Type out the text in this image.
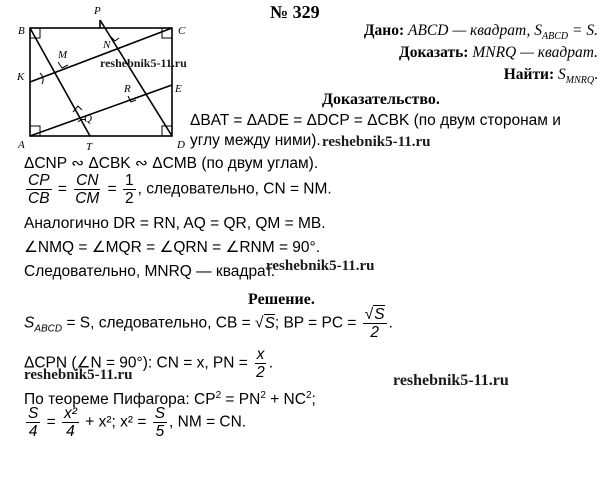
№ 329
B
P
C
M
N
K
R	E
Q
T
A	D
Дано: ABCD — квадрат, $S_{ABCD} = S$.
Доказать: MNRQ — квадрат.
Найти: $S_{MNRQ}$.
reshebnik5-11.ru
Доказательство.
ΔBAT = ΔADE = ΔDCP = ΔCBK (по двум сторонам и
углу между ними). reshebnik5-11.ru
ΔCNP ∾ ΔCBK ∾ ΔCMB (по двум углам).
$\frac{CP}{CB} = \frac{CN}{CM} = \frac{1}{2}$ , следовательно, CN = NM.
Аналогично DR = RN, AQ = QR, QM = MB.
∠NMQ = ∠MQR = ∠QRN = ∠RNM = 90°.
Следовательно, MNRQ — квадрат.
reshebnik5-11.ru
Решение.
$S_{ABCD} = S$, следовательно, CB = √S; BP = PC = $\frac{√S}{2}$ .
ΔCPN (∠N = 90°): CN = x, PN = $\frac{x}{2}$ .
reshebnik5-11.ru	reshebnik5-11.ru
По теореме Пифагора: $CP^2 = PN^2 + NC^2$;
$\frac{S}{4} = \frac{\text{x²}}{4} + x^2$; $x^2 = \frac{S}{5}$ , NM = CN.
